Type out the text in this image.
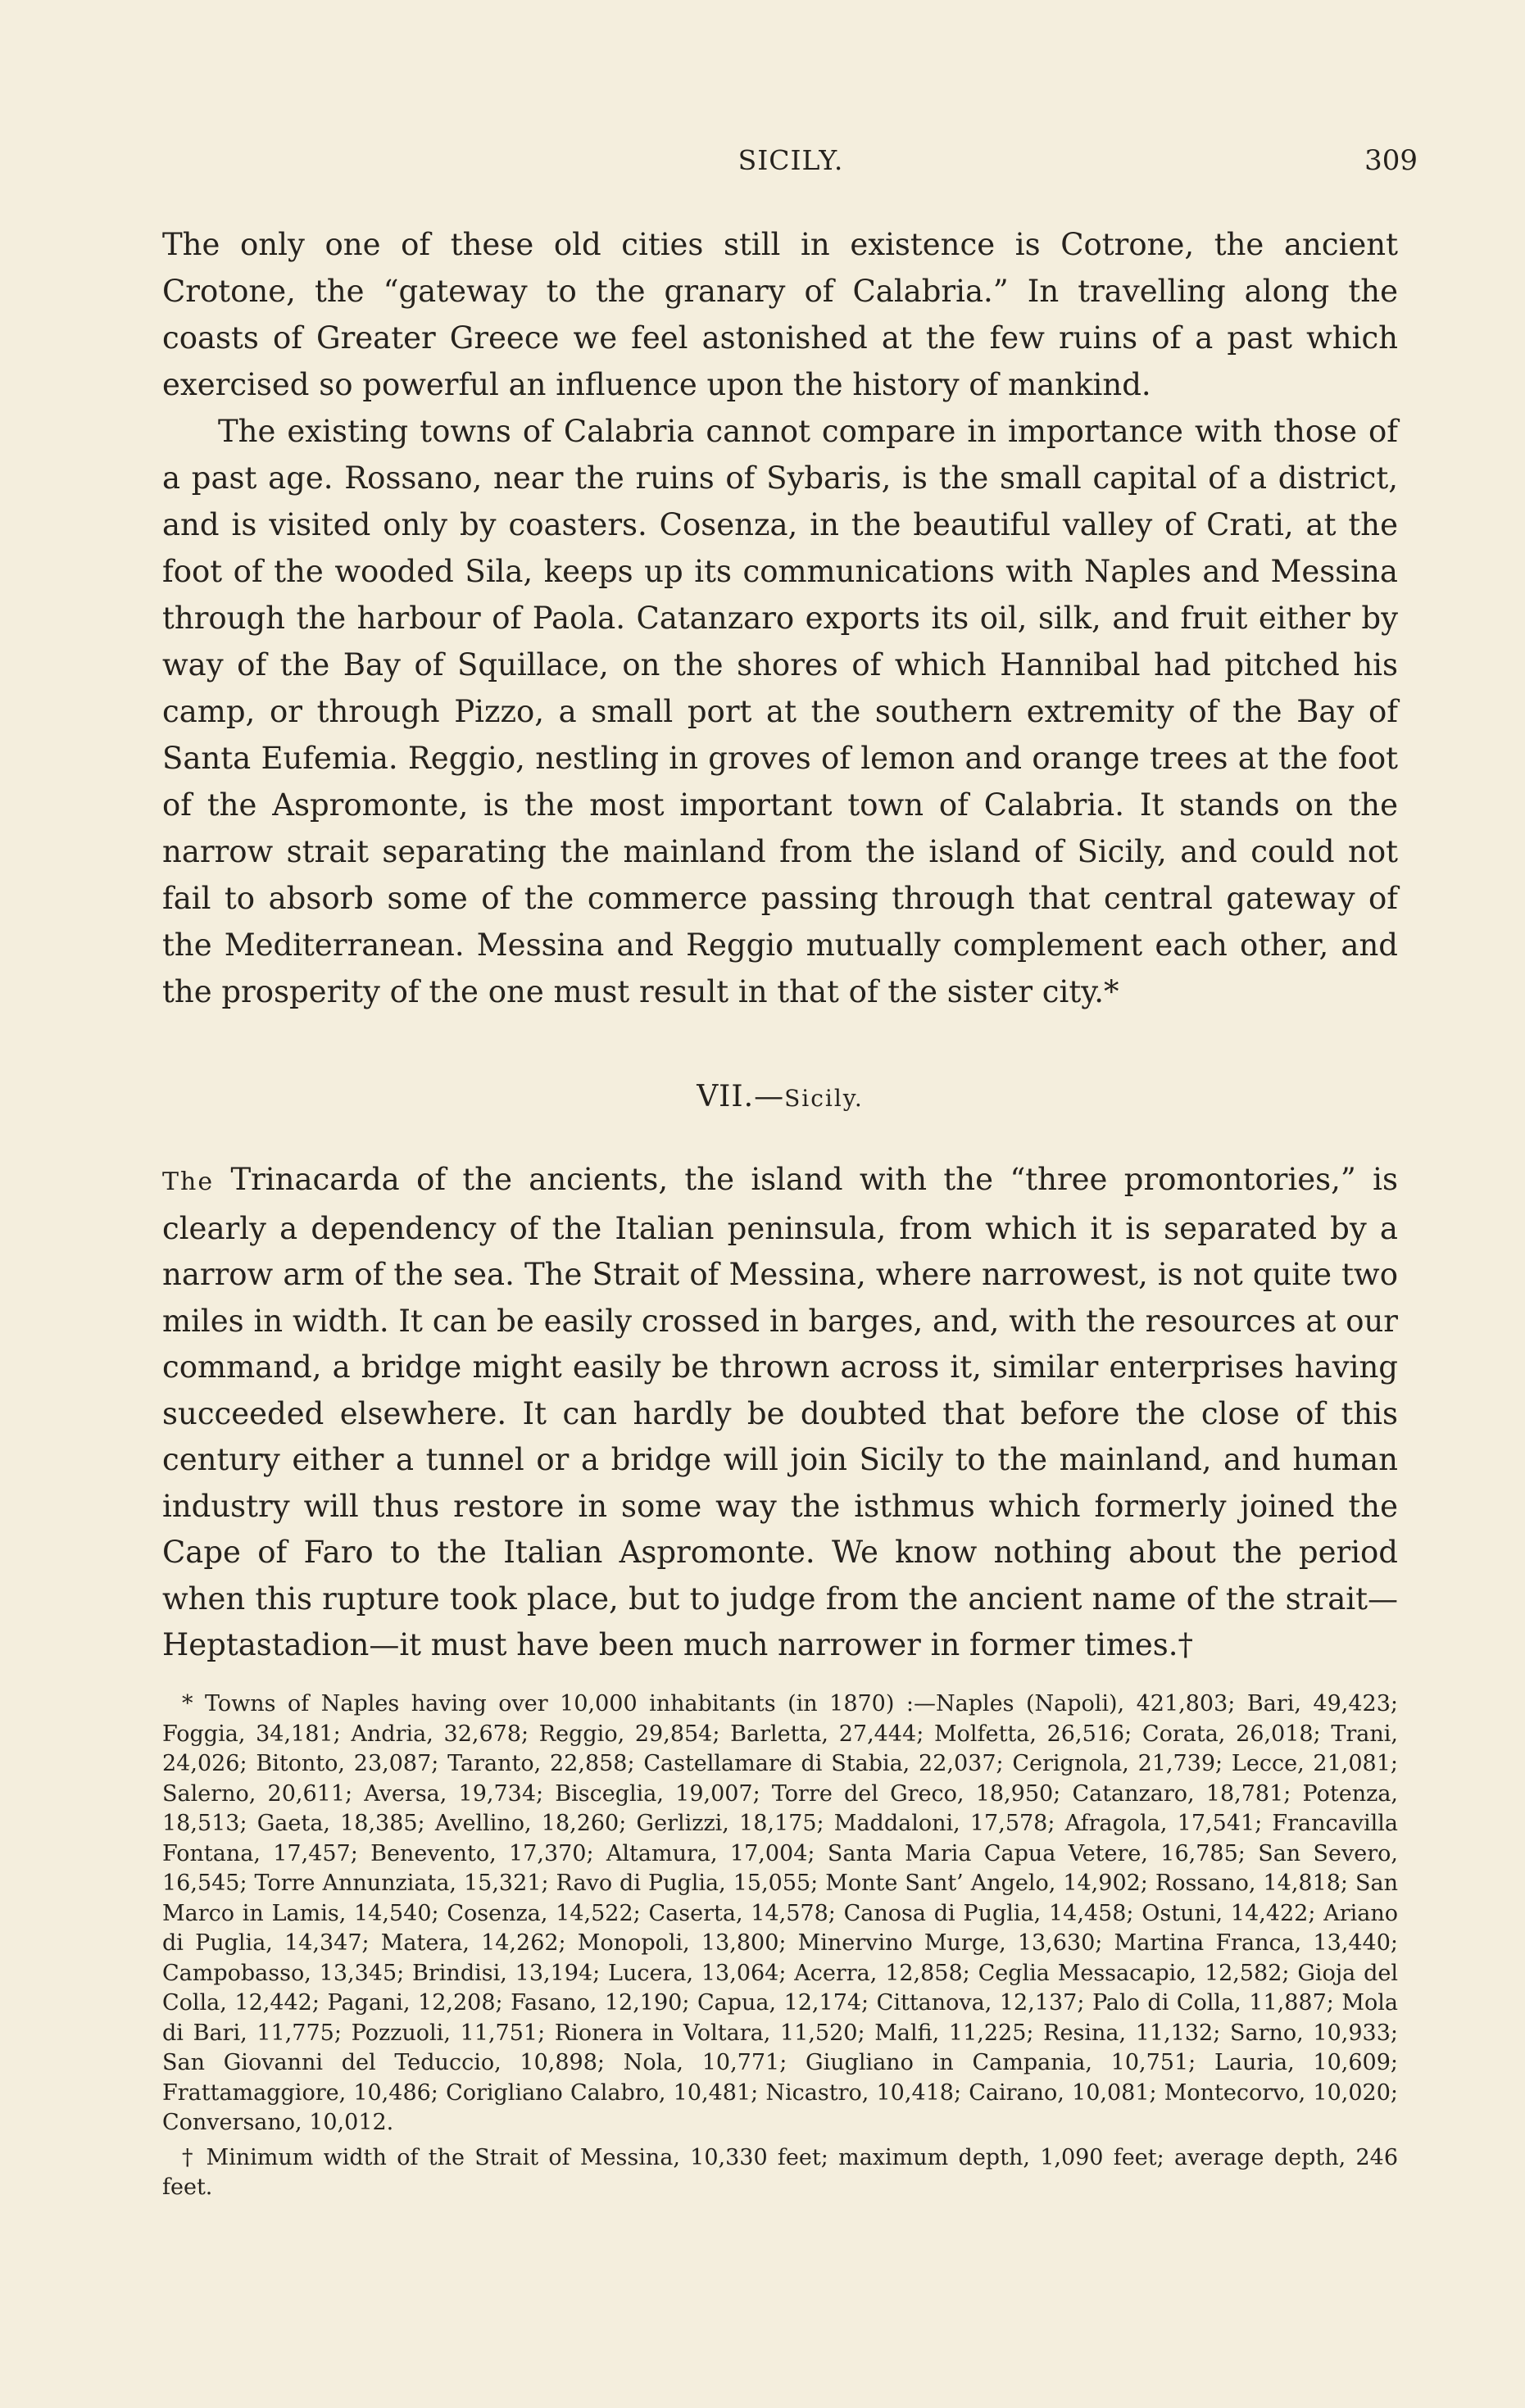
SICILY.	309

The only one of these old cities still in existence is Cotrone, the ancient Crotone, the “gateway to the granary of Calabria.” In travelling along the coasts of Greater Greece we feel astonished at the few ruins of a past which exercised so powerful an influence upon the history of mankind.

The existing towns of Calabria cannot compare in importance with those of a past age. Rossano, near the ruins of Sybaris, is the small capital of a district, and is visited only by coasters. Cosenza, in the beautiful valley of Crati, at the foot of the wooded Sila, keeps up its communications with Naples and Messina through the harbour of Paola. Catanzaro exports its oil, silk, and fruit either by way of the Bay of Squillace, on the shores of which Hannibal had pitched his camp, or through Pizzo, a small port at the southern extremity of the Bay of Santa Eufemia. Reggio, nestling in groves of lemon and orange trees at the foot of the Aspromonte, is the most important town of Calabria. It stands on the narrow strait separating the mainland from the island of Sicily, and could not fail to absorb some of the commerce passing through that central gateway of the Mediterranean. Messina and Reggio mutually complement each other, and the prosperity of the one must result in that of the sister city.*

VII.—Sicily.

The Trinacarda of the ancients, the island with the “three promontories,” is clearly a dependency of the Italian peninsula, from which it is separated by a narrow arm of the sea. The Strait of Messina, where narrowest, is not quite two miles in width. It can be easily crossed in barges, and, with the resources at our command, a bridge might easily be thrown across it, similar enterprises having succeeded elsewhere. It can hardly be doubted that before the close of this century either a tunnel or a bridge will join Sicily to the mainland, and human industry will thus restore in some way the isthmus which formerly joined the Cape of Faro to the Italian Aspromonte. We know nothing about the period when this rupture took place, but to judge from the ancient name of the strait—Heptastadion—it must have been much narrower in former times.†

* Towns of Naples having over 10,000 inhabitants (in 1870) :—Naples (Napoli), 421,803; Bari, 49,423; Foggia, 34,181; Andria, 32,678; Reggio, 29,854; Barletta, 27,444; Molfetta, 26,516; Corata, 26,018; Trani, 24,026; Bitonto, 23,087; Taranto, 22,858; Castellamare di Stabia, 22,037; Cerignola, 21,739; Lecce, 21,081; Salerno, 20,611; Aversa, 19,734; Bisceglia, 19,007; Torre del Greco, 18,950; Catanzaro, 18,781; Potenza, 18,513; Gaeta, 18,385; Avellino, 18,260; Gerlizzi, 18,175; Maddaloni, 17,578; Afragola, 17,541; Francavilla Fontana, 17,457; Benevento, 17,370; Altamura, 17,004; Santa Maria Capua Vetere, 16,785; San Severo, 16,545; Torre Annunziata, 15,321; Ravo di Puglia, 15,055; Monte Sant’ Angelo, 14,902; Rossano, 14,818; San Marco in Lamis, 14,540; Cosenza, 14,522; Caserta, 14,578; Canosa di Puglia, 14,458; Ostuni, 14,422; Ariano di Puglia, 14,347; Matera, 14,262; Monopoli, 13,800; Minervino Murge, 13,630; Martina Franca, 13,440; Campobasso, 13,345; Brindisi, 13,194; Lucera, 13,064; Acerra, 12,858; Ceglia Messacapio, 12,582; Gioja del Colla, 12,442; Pagani, 12,208; Fasano, 12,190; Capua, 12,174; Cittanova, 12,137; Palo di Colla, 11,887; Mola di Bari, 11,775; Pozzuoli, 11,751; Rionera in Voltara, 11,520; Malfi, 11,225; Resina, 11,132; Sarno, 10,933; San Giovanni del Teduccio, 10,898; Nola, 10,771; Giugliano in Campania, 10,751; Lauria, 10,609; Frattamaggiore, 10,486; Corigliano Calabro, 10,481; Nicastro, 10,418; Cairano, 10,081; Montecorvo, 10,020; Conversano, 10,012.

† Minimum width of the Strait of Messina, 10,330 feet; maximum depth, 1,090 feet; average depth, 246 feet.
